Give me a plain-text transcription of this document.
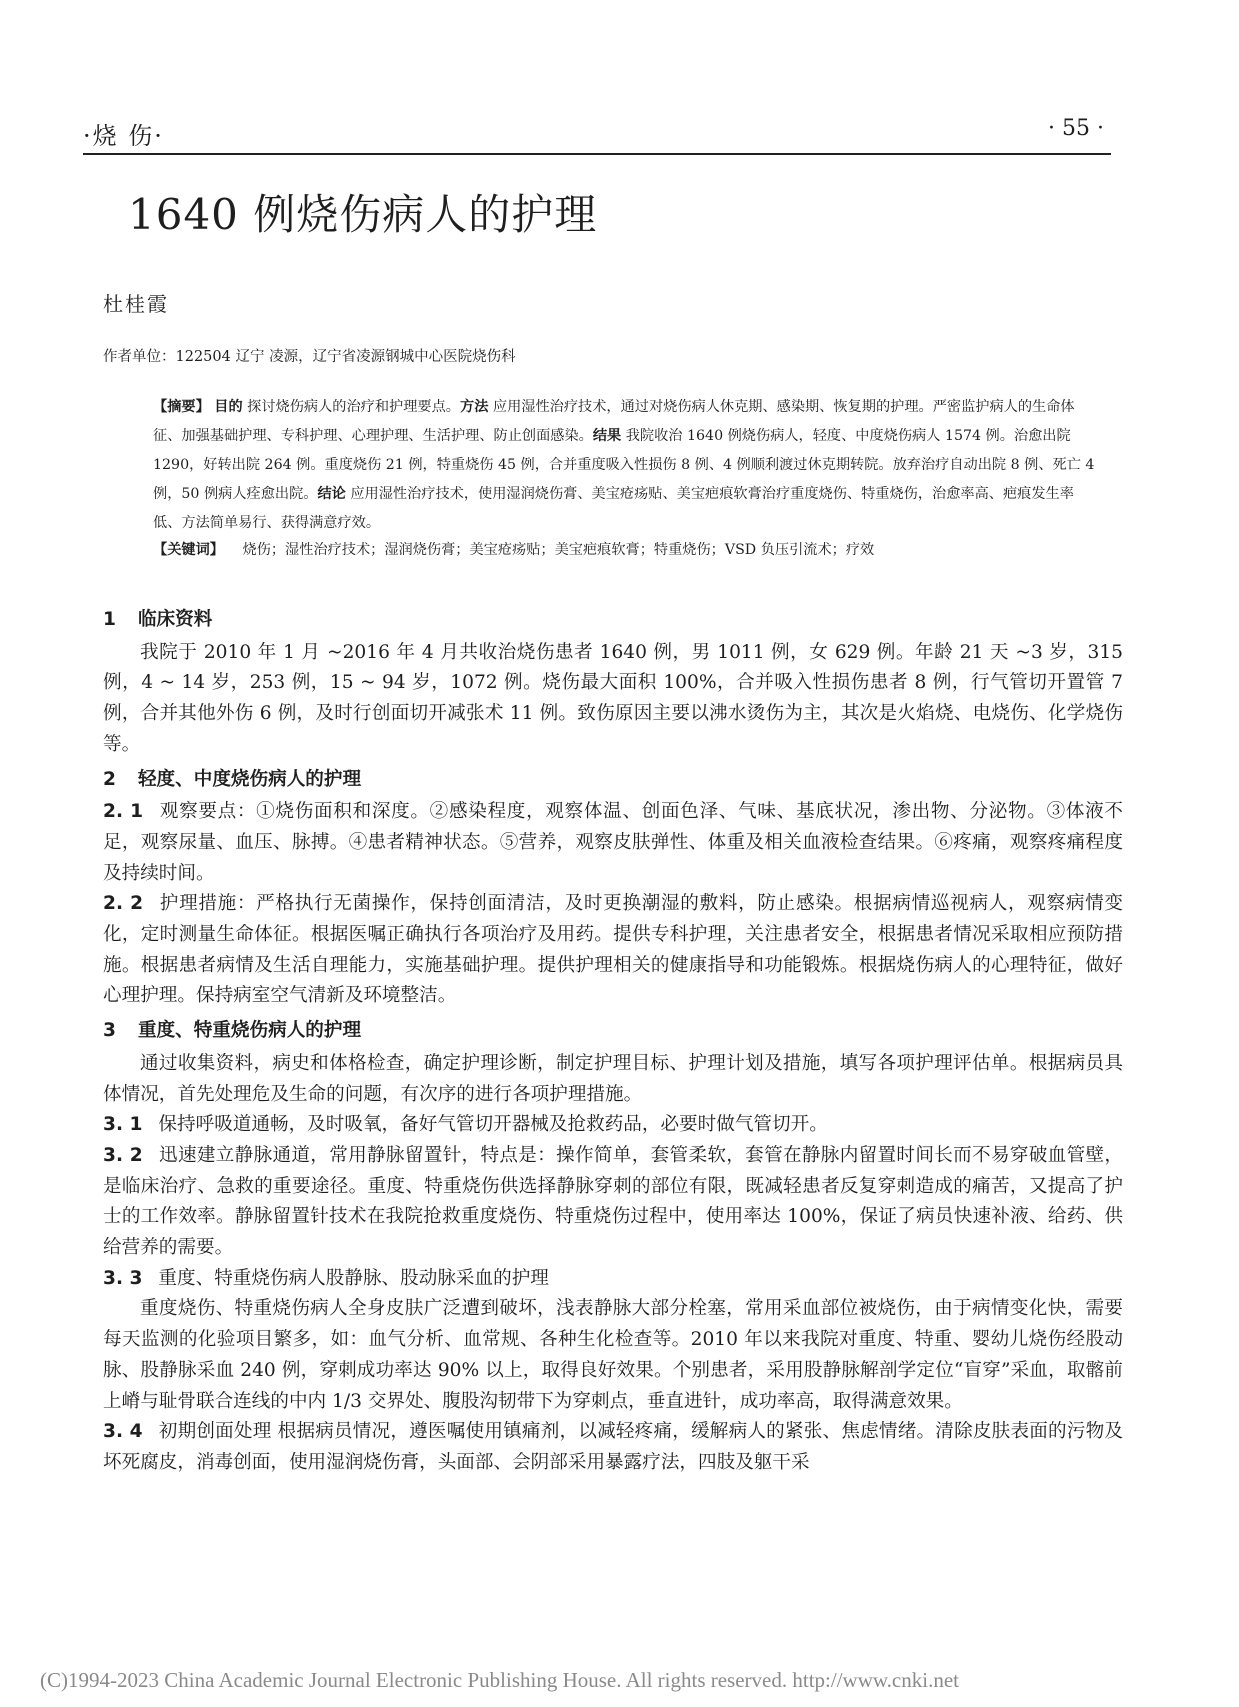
·烧 伤·	· 55 ·
1640 例烧伤病人的护理
杜桂霞
作者单位：122504 辽宁 凌源，辽宁省凌源钢城中心医院烧伤科
【摘要】 目的 探讨烧伤病人的治疗和护理要点。方法 应用湿性治疗技术，通过对烧伤病人休克期、感染期、恢复期的护理。严密监护病人的生命体征、加强基础护理、专科护理、心理护理、生活护理、防止创面感染。结果 我院收治 1640 例烧伤病人，轻度、中度烧伤病人 1574 例。治愈出院 1290，好转出院 264 例。重度烧伤 21 例，特重烧伤 45 例，合并重度吸入性损伤 8 例、4 例顺利渡过休克期转院。放弃治疗自动出院 8 例、死亡 4 例，50 例病人痊愈出院。结论 应用湿性治疗技术，使用湿润烧伤膏、美宝疮疡贴、美宝疤痕软膏治疗重度烧伤、特重烧伤，治愈率高、疤痕发生率低、方法简单易行、获得满意疗效。
【关键词】 烧伤；湿性治疗技术；湿润烧伤膏；美宝疮疡贴；美宝疤痕软膏；特重烧伤；VSD 负压引流术；疗效
1 临床资料

我院于 2010 年 1 月 ~2016 年 4 月共收治烧伤患者 1640 例，男 1011 例，女 629 例。年龄 21 天 ~3 岁，315 例，4 ~ 14 岁，253 例，15 ~ 94 岁，1072 例。烧伤最大面积 100%，合并吸入性损伤患者 8 例，行气管切开置管 7 例，合并其他外伤 6 例，及时行创面切开减张术 11 例。致伤原因主要以沸水烫伤为主，其次是火焰烧、电烧伤、化学烧伤等。

2 轻度、中度烧伤病人的护理

2. 1 观察要点：①烧伤面积和深度。②感染程度，观察体温、创面色泽、气味、基底状况，渗出物、分泌物。③体液不足，观察尿量、血压、脉搏。④患者精神状态。⑤营养，观察皮肤弹性、体重及相关血液检查结果。⑥疼痛，观察疼痛程度及持续时间。

2. 2 护理措施：严格执行无菌操作，保持创面清洁，及时更换潮湿的敷料，防止感染。根据病情巡视病人，观察病情变化，定时测量生命体征。根据医嘱正确执行各项治疗及用药。提供专科护理，关注患者安全，根据患者情况采取相应预防措施。根据患者病情及生活自理能力，实施基础护理。提供护理相关的健康指导和功能锻炼。根据烧伤病人的心理特征，做好心理护理。保持病室空气清新及环境整洁。

3 重度、特重烧伤病人的护理

通过收集资料，病史和体格检查，确定护理诊断，制定护理目标、护理计划及措施，填写各项护理评估单。根据病员具体情况，首先处理危及生命的问题，有次序的进行各项护理措施。

3. 1 保持呼吸道通畅，及时吸氧，备好气管切开器械及抢救药品，必要时做气管切开。

3. 2 迅速建立静脉通道，常用静脉留置针，特点是：操作简单，套管柔软，套管在静脉内留置时间长而不易穿破血管壁，是临床治疗、急救的重要途径。重度、特重烧伤供选择静脉穿刺的部位有限，既减轻患者反复穿刺造成的痛苦，又提高了护士的工作效率。静脉留置针技术在我院抢救重度烧伤、特重烧伤过程中，使用率达 100%，保证了病员快速补液、给药、供给营养的需要。

3. 3 重度、特重烧伤病人股静脉、股动脉采血的护理

重度烧伤、特重烧伤病人全身皮肤广泛遭到破坏，浅表静脉大部分栓塞，常用采血部位被烧伤，由于病情变化快，需要每天监测的化验项目繁多，如：血气分析、血常规、各种生化检查等。2010 年以来我院对重度、特重、婴幼儿烧伤经股动脉、股静脉采血 240 例，穿刺成功率达 90% 以上，取得良好效果。个别患者，采用股静脉解剖学定位“盲穿”采血，取髂前上嵴与耻骨联合连线的中内 1/3 交界处、腹股沟韧带下为穿刺点，垂直进针，成功率高，取得满意效果。

3. 4 初期创面处理 根据病员情况，遵医嘱使用镇痛剂，以减轻疼痛，缓解病人的紧张、焦虑情绪。清除皮肤表面的污物及坏死腐皮，消毒创面，使用湿润烧伤膏，头面部、会阴部采用暴露疗法，四肢及躯干采

(C)1994-2023 China Academic Journal Electronic Publishing House. All rights reserved. http://www.cnki.net
